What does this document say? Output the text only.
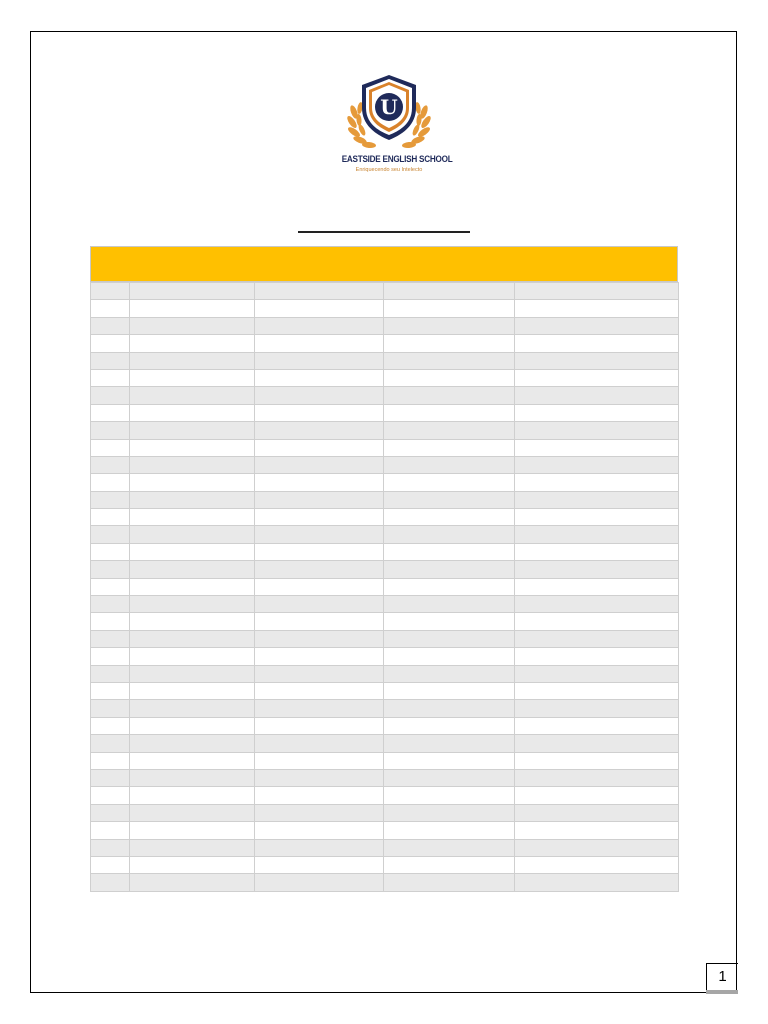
U
EASTSIDE ENGLISH SCHOOL
Enriquecendo seu Intelecto

1
